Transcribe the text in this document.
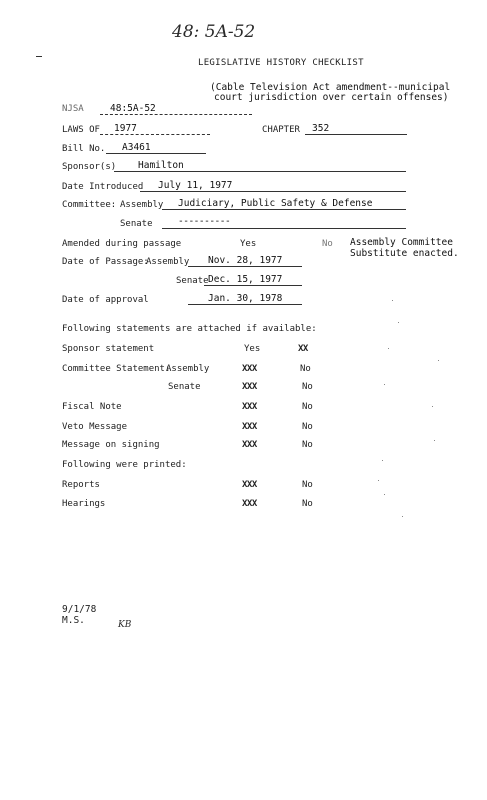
48: 5A-52
LEGISLATIVE HISTORY CHECKLIST
(Cable Television Act amendment--municipal
court jurisdiction over certain offenses)
NJSA	48:5A-52
LAWS OF 1977	CHAPTER 352
Bill No. A3461
Sponsor(s) Hamilton
Date Introduced July 11, 1977
Committee: Assembly Judiciary, Public Safety & Defense
Senate	----------
Amended during passage	Yes	No Assembly Committee
Substitute enacted.
Date of Passage:
Assembly Nov. 28, 1977
Senate Dec. 15, 1977
Date of approval	Jan. 30, 1978
Following statements are attached if available:
Sponsor statement	Yes	XX
Committee Statement:
Assembly	XXX	No
Senate	XXX	No
Fiscal Note	XXX	No
Veto Message	XXX	No
Message on signing	XXX	No
Following were printed:
Reports	XXX	No
Hearings	XXX	No
9/1/78
M.S.	KB
